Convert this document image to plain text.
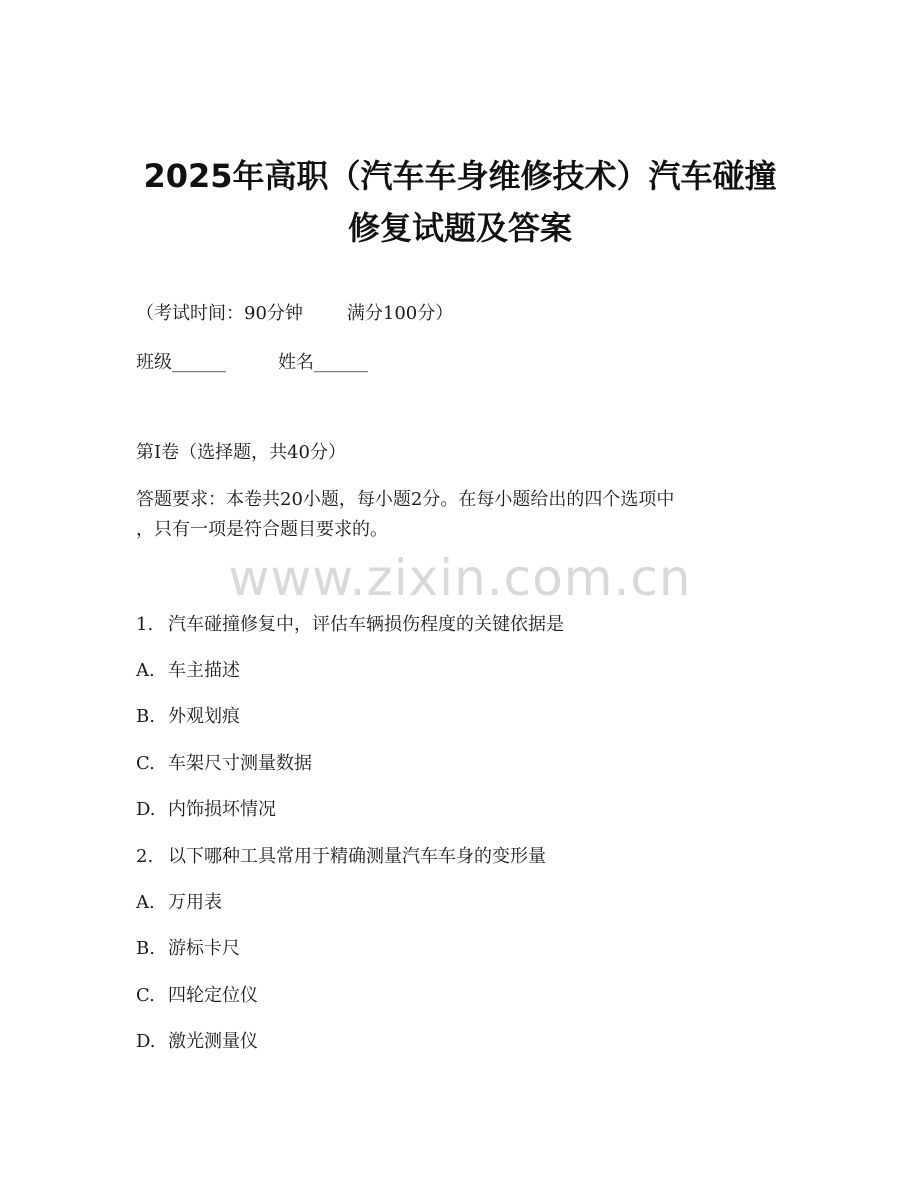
2025年高职（汽车车身维修技术）汽车碰撞
修复试题及答案
（考试时间：90分钟 满分100分）
班级______	姓名______
第I卷（选择题，共40分）
答题要求：本卷共20小题，每小题2分。在每小题给出的四个选项中
，只有一项是符合题目要求的。
www.zixin.com.cn
1. 汽车碰撞修复中，评估车辆损伤程度的关键依据是
A. 车主描述
B. 外观划痕
C. 车架尺寸测量数据
D. 内饰损坏情况
2. 以下哪种工具常用于精确测量汽车车身的变形量
A. 万用表
B. 游标卡尺
C. 四轮定位仪
D. 激光测量仪
